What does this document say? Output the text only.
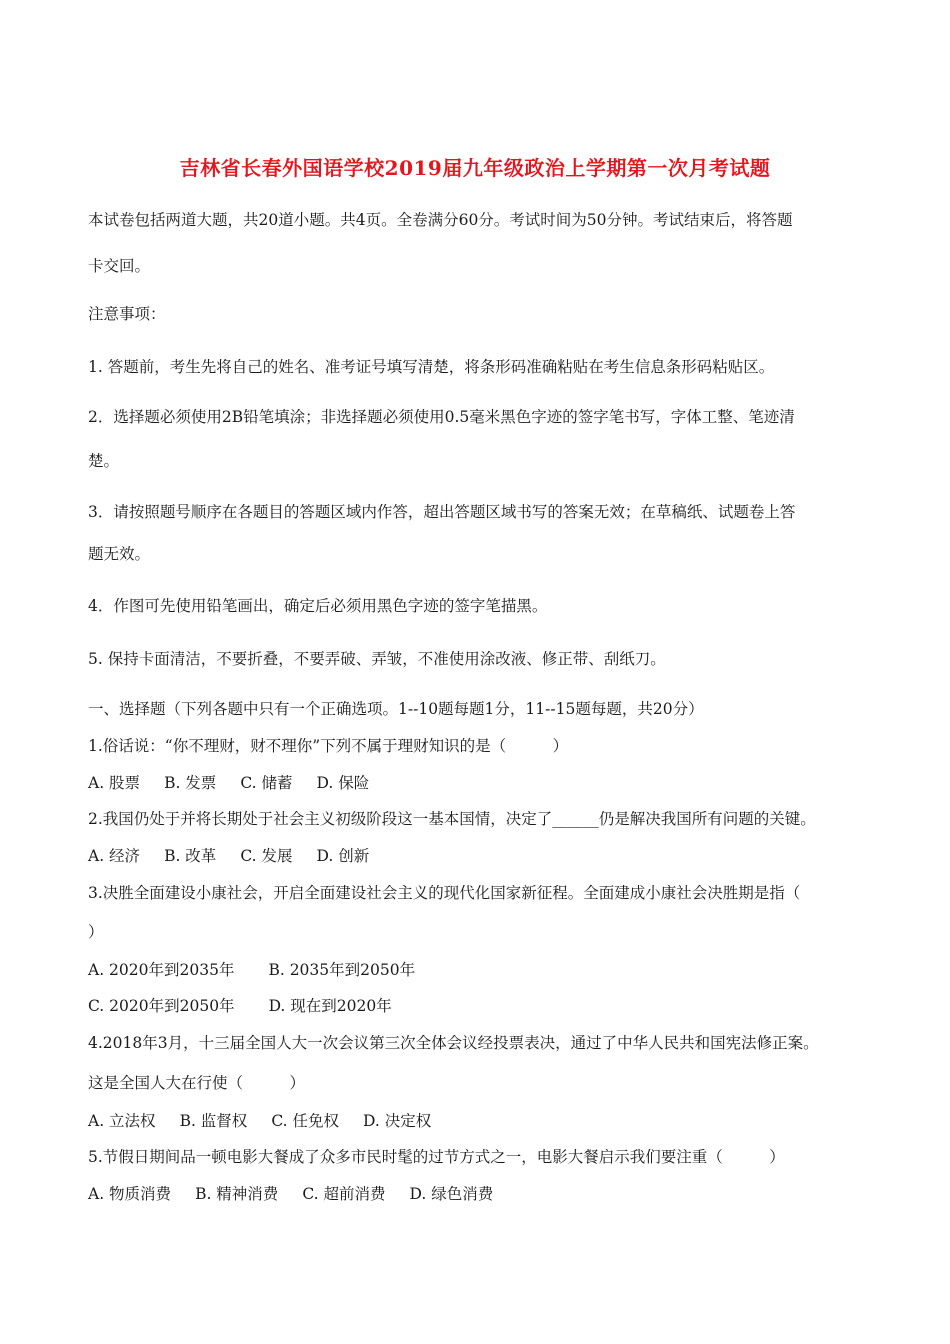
吉林省长春外国语学校2019届九年级政治上学期第一次月考试题
本试卷包括两道大题，共20道小题。共4页。全卷满分60分。考试时间为50分钟。考试结束后，将答题
卡交回。
注意事项：
1. 答题前，考生先将自己的姓名、准考证号填写清楚，将条形码准确粘贴在考生信息条形码粘贴区。
2．选择题必须使用2B铅笔填涂；非选择题必须使用0.5毫米黑色字迹的签字笔书写，字体工整、笔迹清
楚。
3．请按照题号顺序在各题目的答题区域内作答，超出答题区域书写的答案无效；在草稿纸、试题卷上答
题无效。
4．作图可先使用铅笔画出，确定后必须用黑色字迹的签字笔描黑。
5. 保持卡面清洁，不要折叠，不要弄破、弄皱，不准使用涂改液、修正带、刮纸刀。
一、选择题（下列各题中只有一个正确选项。1--10题每题1分，11--15题每题，共20分）
1.俗话说：“你不理财，财不理你”下列不属于理财知识的是（　　　）
A. 股票 B. 发票 C. 储蓄 D. 保险
2.我国仍处于并将长期处于社会主义初级阶段这一基本国情，决定了______仍是解决我国所有问题的关键。
A. 经济 B. 改革 C. 发展 D. 创新
3.决胜全面建设小康社会，开启全面建设社会主义的现代化国家新征程。全面建成小康社会决胜期是指（
）
A. 2020年到2035年 B. 2035年到2050年
C. 2020年到2050年 D. 现在到2020年
4.2018年3月，十三届全国人大一次会议第三次全体会议经投票表决，通过了中华人民共和国宪法修正案。
这是全国人大在行使（　　　）
A. 立法权 B. 监督权 C. 任免权 D. 决定权
5.节假日期间品一顿电影大餐成了众多市民时髦的过节方式之一，电影大餐启示我们要注重（　　　）
A. 物质消费 B. 精神消费 C. 超前消费 D. 绿色消费
